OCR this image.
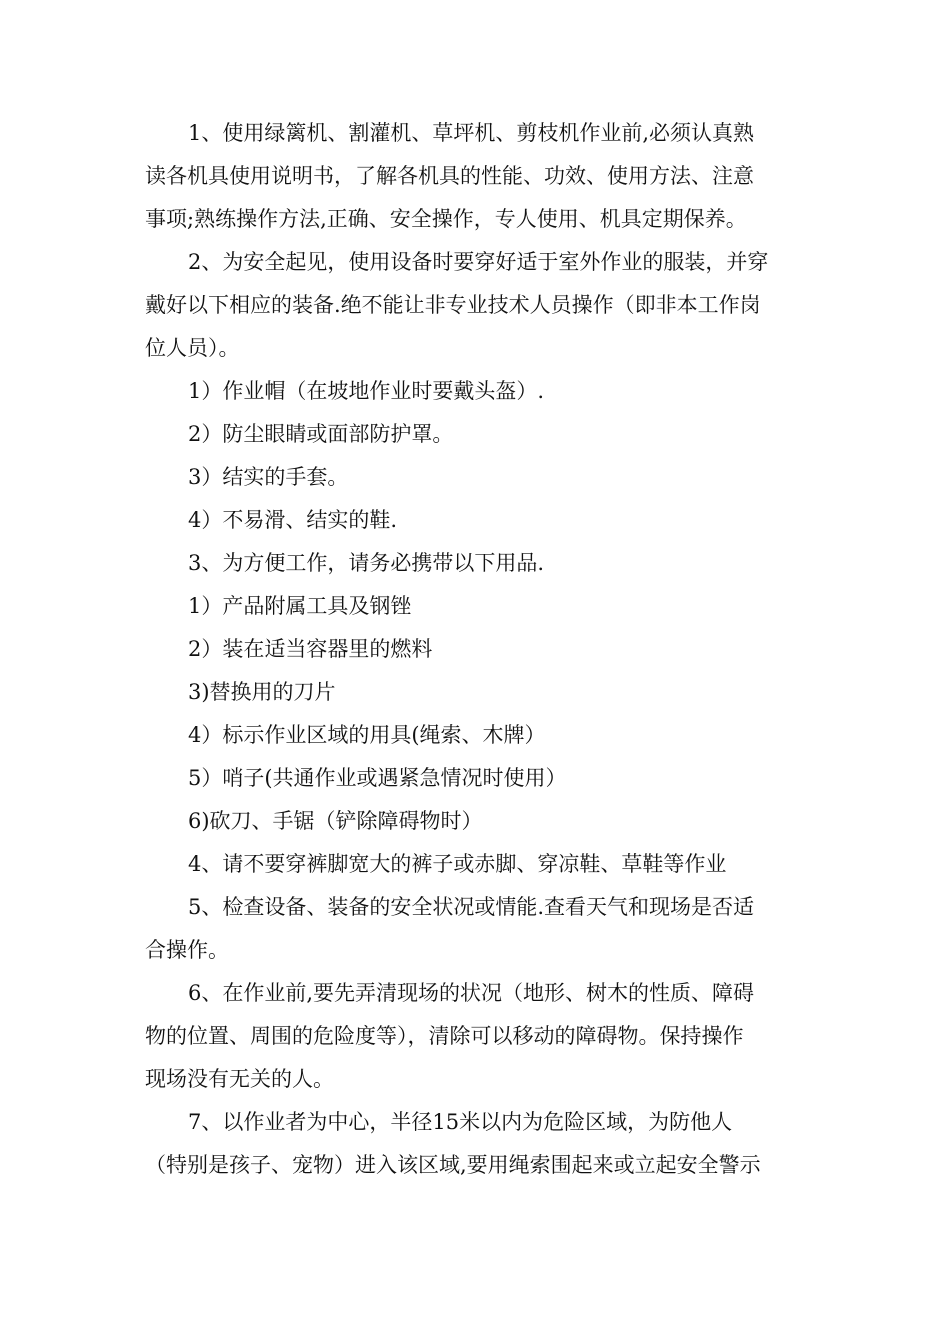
1、使用绿篱机、割灌机、草坪机、剪枝机作业前,必须认真熟
读各机具使用说明书，了解各机具的性能、功效、使用方法、注意
事项;熟练操作方法,正确、安全操作，专人使用、机具定期保养。

2、为安全起见，使用设备时要穿好适于室外作业的服装，并穿
戴好以下相应的装备.绝不能让非专业技术人员操作（即非本工作岗
位人员）。

1）作业帽（在坡地作业时要戴头盔）.

2）防尘眼睛或面部防护罩。

3）结实的手套。

4）不易滑、结实的鞋.

3、为方便工作，请务必携带以下用品.

1）产品附属工具及钢锉

2）装在适当容器里的燃料

3)替换用的刀片

4）标示作业区域的用具(绳索、木牌）

5）哨子(共通作业或遇紧急情况时使用）

6)砍刀、手锯（铲除障碍物时）

4、请不要穿裤脚宽大的裤子或赤脚、穿凉鞋、草鞋等作业

5、检查设备、装备的安全状况或情能.查看天气和现场是否适
合操作。

6、在作业前,要先弄清现场的状况（地形、树木的性质、障碍
物的位置、周围的危险度等），清除可以移动的障碍物。保持操作
现场没有无关的人。

7、以作业者为中心，半径15米以内为危险区域，为防他人
（特别是孩子、宠物）进入该区域,要用绳索围起来或立起安全警示
